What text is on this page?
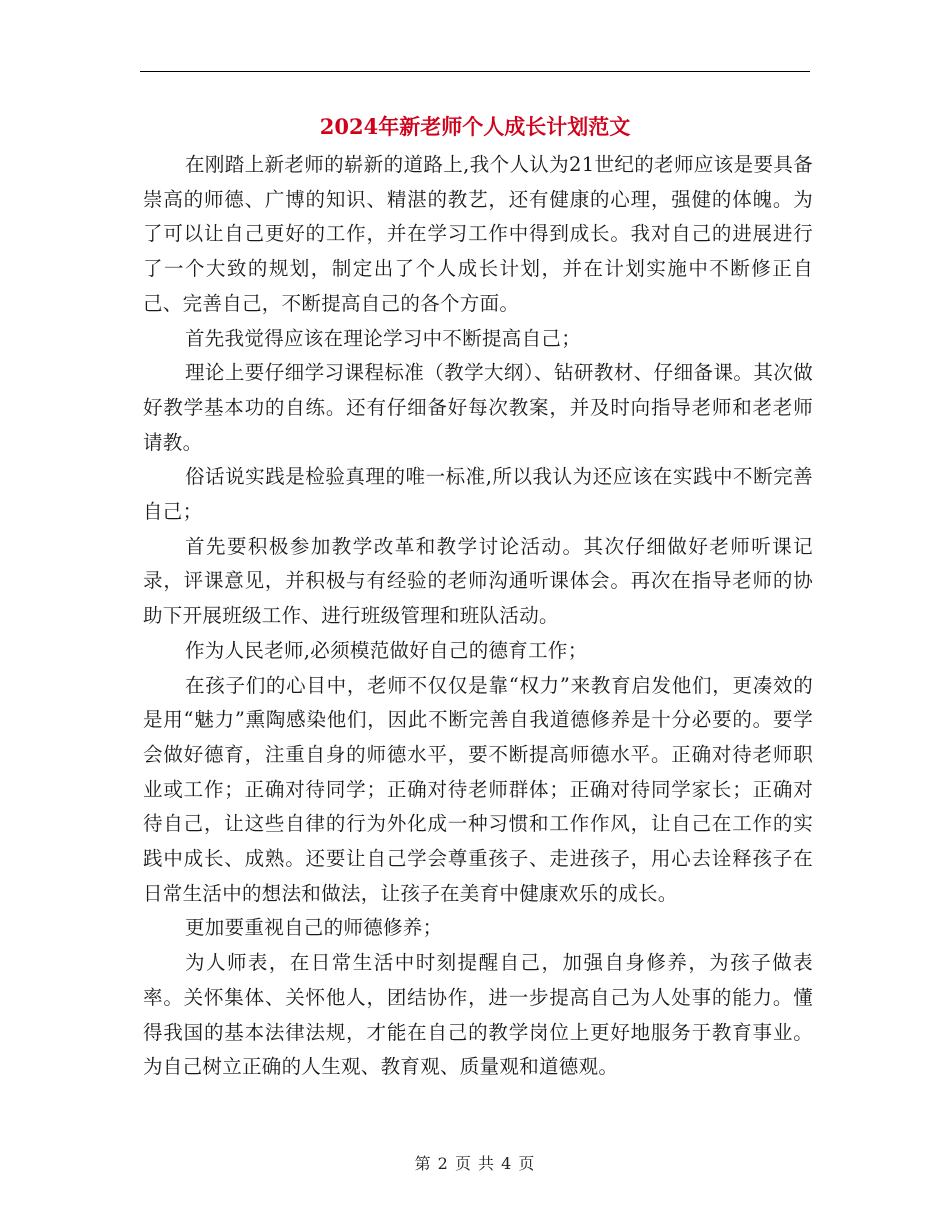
2024年新老师个人成长计划范文

在刚踏上新老师的崭新的道路上,我个人认为21世纪的老师应该是要具备崇高的师德、广博的知识、精湛的教艺，还有健康的心理，强健的体魄。为了可以让自己更好的工作，并在学习工作中得到成长。我对自己的进展进行了一个大致的规划，制定出了个人成长计划，并在计划实施中不断修正自己、完善自己，不断提高自己的各个方面。

首先我觉得应该在理论学习中不断提高自己；

理论上要仔细学习课程标准（教学大纲）、钻研教材、仔细备课。其次做好教学基本功的自练。还有仔细备好每次教案，并及时向指导老师和老老师请教。

俗话说实践是检验真理的唯一标准,所以我认为还应该在实践中不断完善自己；

首先要积极参加教学改革和教学讨论活动。其次仔细做好老师听课记录，评课意见，并积极与有经验的老师沟通听课体会。再次在指导老师的协助下开展班级工作、进行班级管理和班队活动。

作为人民老师,必须模范做好自己的德育工作；

在孩子们的心目中，老师不仅仅是靠“权力”来教育启发他们，更凑效的是用“魅力”熏陶感染他们，因此不断完善自我道德修养是十分必要的。要学会做好德育，注重自身的师德水平，要不断提高师德水平。正确对待老师职业或工作；正确对待同学；正确对待老师群体；正确对待同学家长；正确对待自己，让这些自律的行为外化成一种习惯和工作作风，让自己在工作的实践中成长、成熟。还要让自己学会尊重孩子、走进孩子，用心去诠释孩子在日常生活中的想法和做法，让孩子在美育中健康欢乐的成长。

更加要重视自己的师德修养；

为人师表，在日常生活中时刻提醒自己，加强自身修养，为孩子做表率。关怀集体、关怀他人，团结协作，进一步提高自己为人处事的能力。懂得我国的基本法律法规，才能在自己的教学岗位上更好地服务于教育事业。为自己树立正确的人生观、教育观、质量观和道德观。

第 2 页 共 4 页
